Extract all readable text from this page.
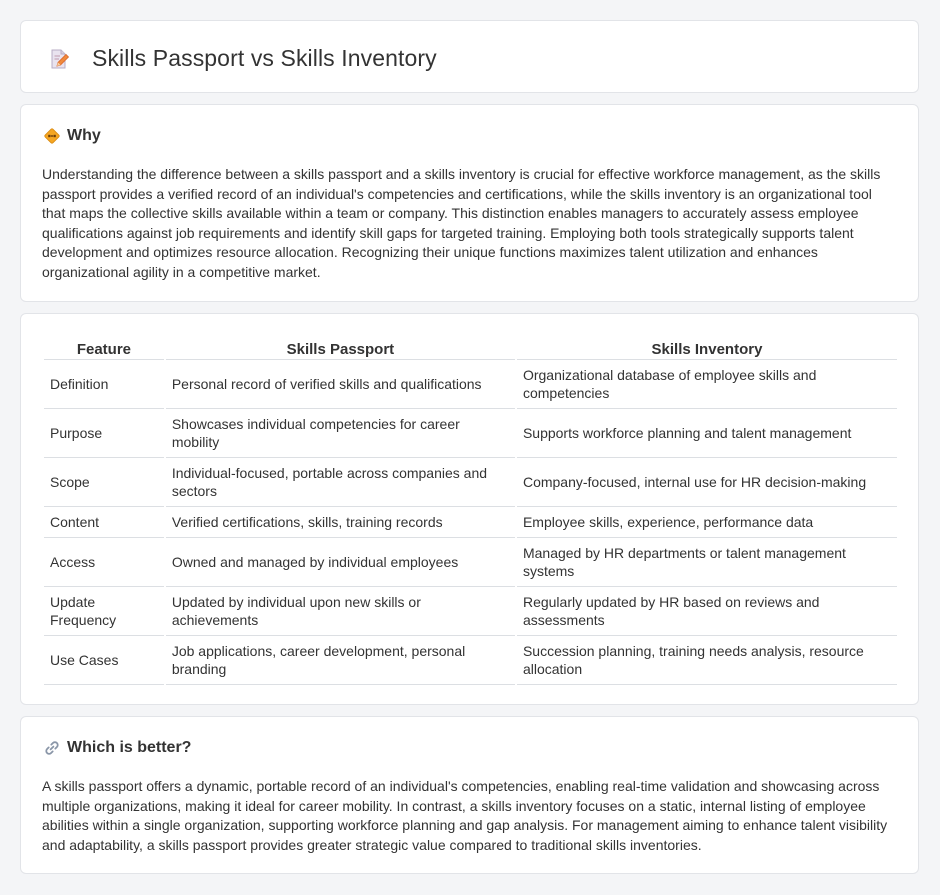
Skills Passport vs Skills Inventory
Why

Understanding the difference between a skills passport and a skills inventory is crucial for effective workforce management, as the skills passport provides a verified record of an individual's competencies and certifications, while the skills inventory is an organizational tool that maps the collective skills available within a team or company. This distinction enables managers to accurately assess employee qualifications against job requirements and identify skill gaps for targeted training. Employing both tools strategically supports talent development and optimizes resource allocation. Recognizing their unique functions maximizes talent utilization and enhances organizational agility in a competitive market.

Feature	Skills Passport	Skills Inventory
Definition	Personal record of verified skills and qualifications	Organizational database of employee skills and competencies
Purpose	Showcases individual competencies for career mobility	Supports workforce planning and talent management
Scope	Individual-focused, portable across companies and sectors	Company-focused, internal use for HR decision-making
Content	Verified certifications, skills, training records	Employee skills, experience, performance data
Access	Owned and managed by individual employees	Managed by HR departments or talent management systems
Update Frequency	Updated by individual upon new skills or achievements	Regularly updated by HR based on reviews and assessments
Use Cases	Job applications, career development, personal branding	Succession planning, training needs analysis, resource allocation
Which is better?

A skills passport offers a dynamic, portable record of an individual's competencies, enabling real-time validation and showcasing across multiple organizations, making it ideal for career mobility. In contrast, a skills inventory focuses on a static, internal listing of employee abilities within a single organization, supporting workforce planning and gap analysis. For management aiming to enhance talent visibility and adaptability, a skills passport provides greater strategic value compared to traditional skills inventories.
